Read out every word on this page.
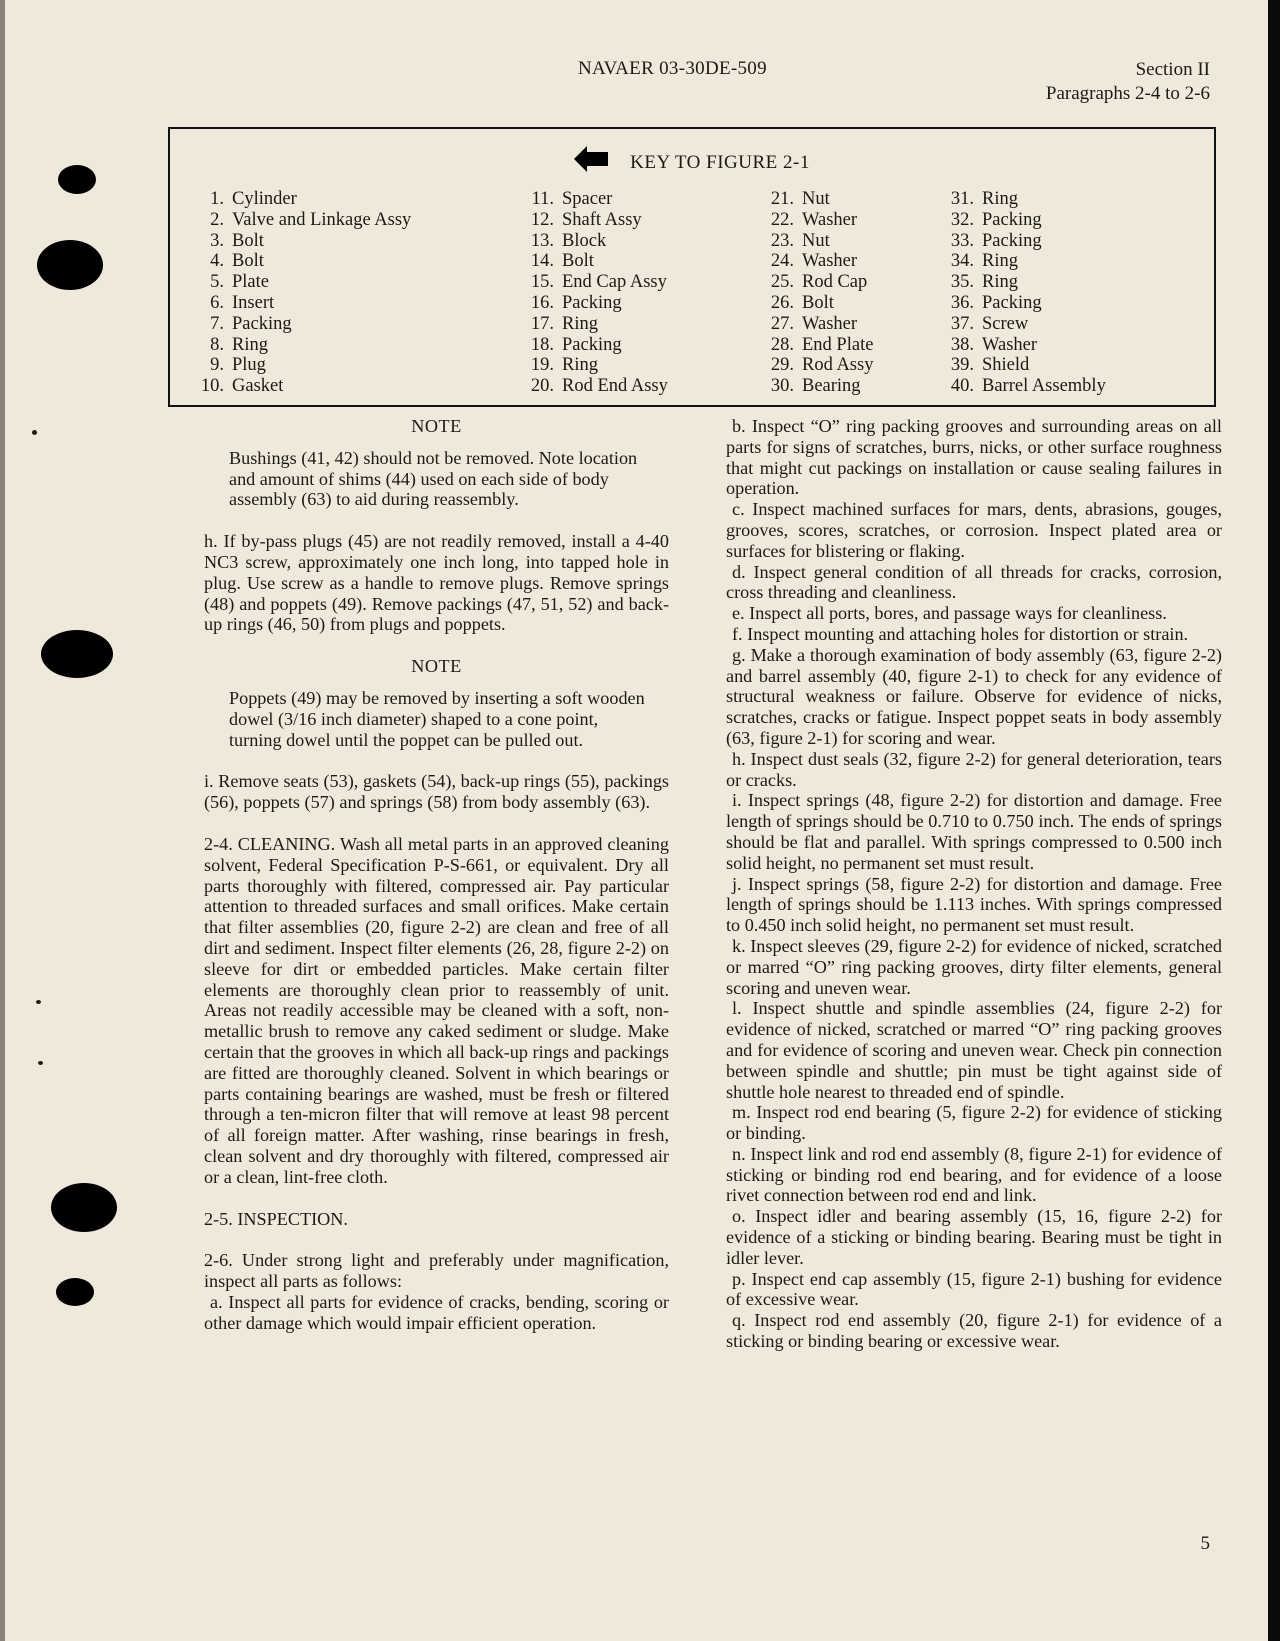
NAVAER 03-30DE-509	Section II
Paragraphs 2-4 to 2-6
KEY TO FIGURE 2-1
1. Cylinder
2. Valve and Linkage Assy
3. Bolt
4. Bolt
5. Plate
6. Insert
7. Packing
8. Ring
9. Plug
10. Gasket
11. Spacer
12. Shaft Assy
13. Block
14. Bolt
15. End Cap Assy
16. Packing
17. Ring
18. Packing
19. Ring
20. Rod End Assy
21. Nut
22. Washer
23. Nut
24. Washer
25. Rod Cap
26. Bolt
27. Washer
28. End Plate
29. Rod Assy
30. Bearing
31. Ring
32. Packing
33. Packing
34. Ring
35. Ring
36. Packing
37. Screw
38. Washer
39. Shield
40. Barrel Assembly
NOTE
Bushings (41, 42) should not be removed. Note location and amount of shims (44) used on each side of body assembly (63) to aid during reassembly.
h. If by-pass plugs (45) are not readily removed, install a 4-40 NC3 screw, approximately one inch long, into tapped hole in plug. Use screw as a handle to remove plugs. Remove springs (48) and poppets (49). Remove packings (47, 51, 52) and back-up rings (46, 50) from plugs and poppets.
NOTE
Poppets (49) may be removed by inserting a soft wooden dowel (3/16 inch diameter) shaped to a cone point, turning dowel until the poppet can be pulled out.
i. Remove seats (53), gaskets (54), back-up rings (55), packings (56), poppets (57) and springs (58) from body assembly (63).
2-4. CLEANING. Wash all metal parts in an approved cleaning solvent, Federal Specification P-S-661, or equivalent. Dry all parts thoroughly with filtered, compressed air. Pay particular attention to threaded surfaces and small orifices. Make certain that filter assemblies (20, figure 2-2) are clean and free of all dirt and sediment. Inspect filter elements (26, 28, figure 2-2) on sleeve for dirt or embedded particles. Make certain filter elements are thoroughly clean prior to reassembly of unit. Areas not readily accessible may be cleaned with a soft, non-metallic brush to remove any caked sediment or sludge. Make certain that the grooves in which all back-up rings and packings are fitted are thoroughly cleaned. Solvent in which bearings or parts containing bearings are washed, must be fresh or filtered through a ten-micron filter that will remove at least 98 percent of all foreign matter. After washing, rinse bearings in fresh, clean solvent and dry thoroughly with filtered, compressed air or a clean, lint-free cloth.
2-5. INSPECTION.
2-6. Under strong light and preferably under magnification, inspect all parts as follows:
a. Inspect all parts for evidence of cracks, bending, scoring or other damage which would impair efficient operation.
b. Inspect “O” ring packing grooves and surrounding areas on all parts for signs of scratches, burrs, nicks, or other surface roughness that might cut packings on installation or cause sealing failures in operation.
c. Inspect machined surfaces for mars, dents, abrasions, gouges, grooves, scores, scratches, or corrosion. Inspect plated area or surfaces for blistering or flaking.
d. Inspect general condition of all threads for cracks, corrosion, cross threading and cleanliness.
e. Inspect all ports, bores, and passage ways for cleanliness.
f. Inspect mounting and attaching holes for distortion or strain.
g. Make a thorough examination of body assembly (63, figure 2-2) and barrel assembly (40, figure 2-1) to check for any evidence of structural weakness or failure. Observe for evidence of nicks, scratches, cracks or fatigue. Inspect poppet seats in body assembly (63, figure 2-1) for scoring and wear.
h. Inspect dust seals (32, figure 2-2) for general deterioration, tears or cracks.
i. Inspect springs (48, figure 2-2) for distortion and damage. Free length of springs should be 0.710 to 0.750 inch. The ends of springs should be flat and parallel. With springs compressed to 0.500 inch solid height, no permanent set must result.
j. Inspect springs (58, figure 2-2) for distortion and damage. Free length of springs should be 1.113 inches. With springs compressed to 0.450 inch solid height, no permanent set must result.
k. Inspect sleeves (29, figure 2-2) for evidence of nicked, scratched or marred “O” ring packing grooves, dirty filter elements, general scoring and uneven wear.
l. Inspect shuttle and spindle assemblies (24, figure 2-2) for evidence of nicked, scratched or marred “O” ring packing grooves and for evidence of scoring and uneven wear. Check pin connection between spindle and shuttle; pin must be tight against side of shuttle hole nearest to threaded end of spindle.
m. Inspect rod end bearing (5, figure 2-2) for evidence of sticking or binding.
n. Inspect link and rod end assembly (8, figure 2-1) for evidence of sticking or binding rod end bearing, and for evidence of a loose rivet connection between rod end and link.
o. Inspect idler and bearing assembly (15, 16, figure 2-2) for evidence of a sticking or binding bearing. Bearing must be tight in idler lever.
p. Inspect end cap assembly (15, figure 2-1) bushing for evidence of excessive wear.
q. Inspect rod end assembly (20, figure 2-1) for evidence of a sticking or binding bearing or excessive wear.
5
